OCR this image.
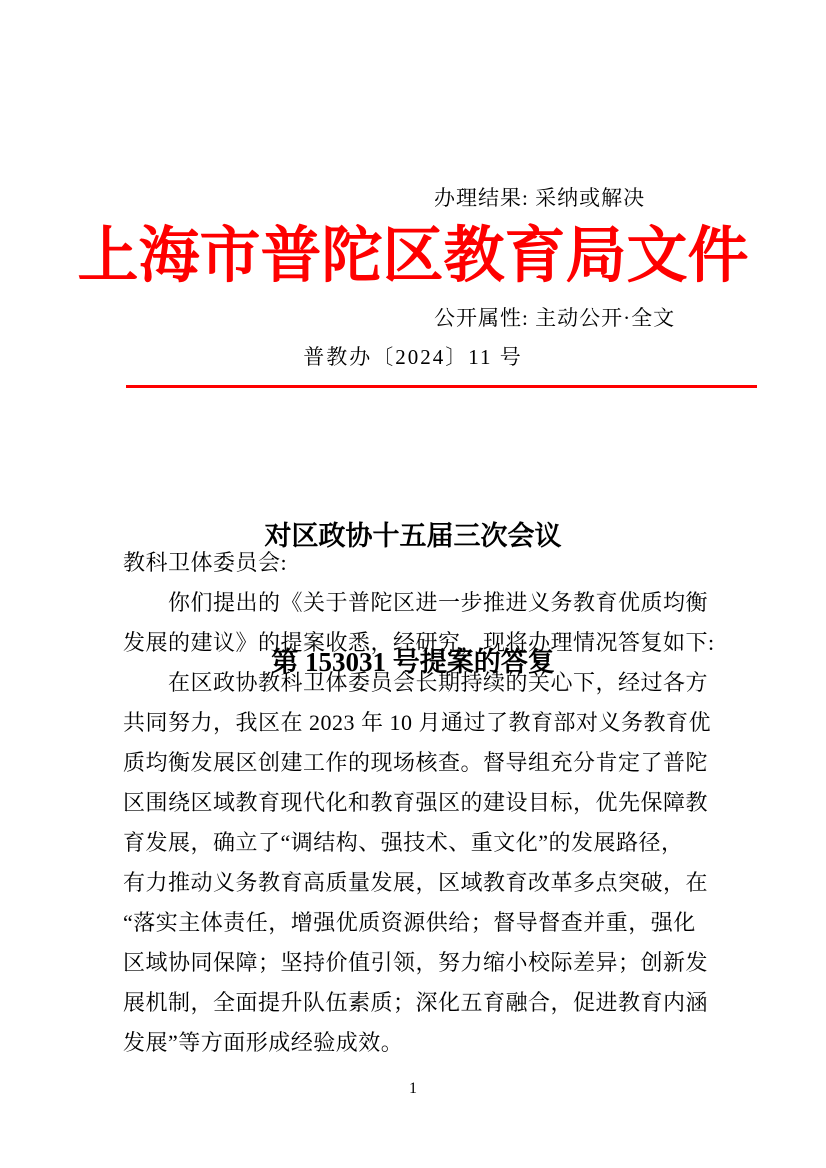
办理结果: 采纳或解决

公开属性: 主动公开·全文

上海市普陀区教育局文件
普教办〔2024〕11 号

对区政协十五届三次会议

第 153031 号提案的答复

教科卫体委员会:
你们提出的《关于普陀区进一步推进义务教育优质均衡
发展的建议》的提案收悉，经研究，现将办理情况答复如下:
在区政协教科卫体委员会长期持续的关心下，经过各方
共同努力，我区在 2023 年 10 月通过了教育部对义务教育优
质均衡发展区创建工作的现场核查。督导组充分肯定了普陀
区围绕区域教育现代化和教育强区的建设目标，优先保障教
育发展，确立了“调结构、强技术、重文化”的发展路径，
有力推动义务教育高质量发展，区域教育改革多点突破，在
“落实主体责任，增强优质资源供给；督导督查并重，强化
区域协同保障；坚持价值引领，努力缩小校际差异；创新发
展机制，全面提升队伍素质；深化五育融合，促进教育内涵
发展”等方面形成经验成效。
1
